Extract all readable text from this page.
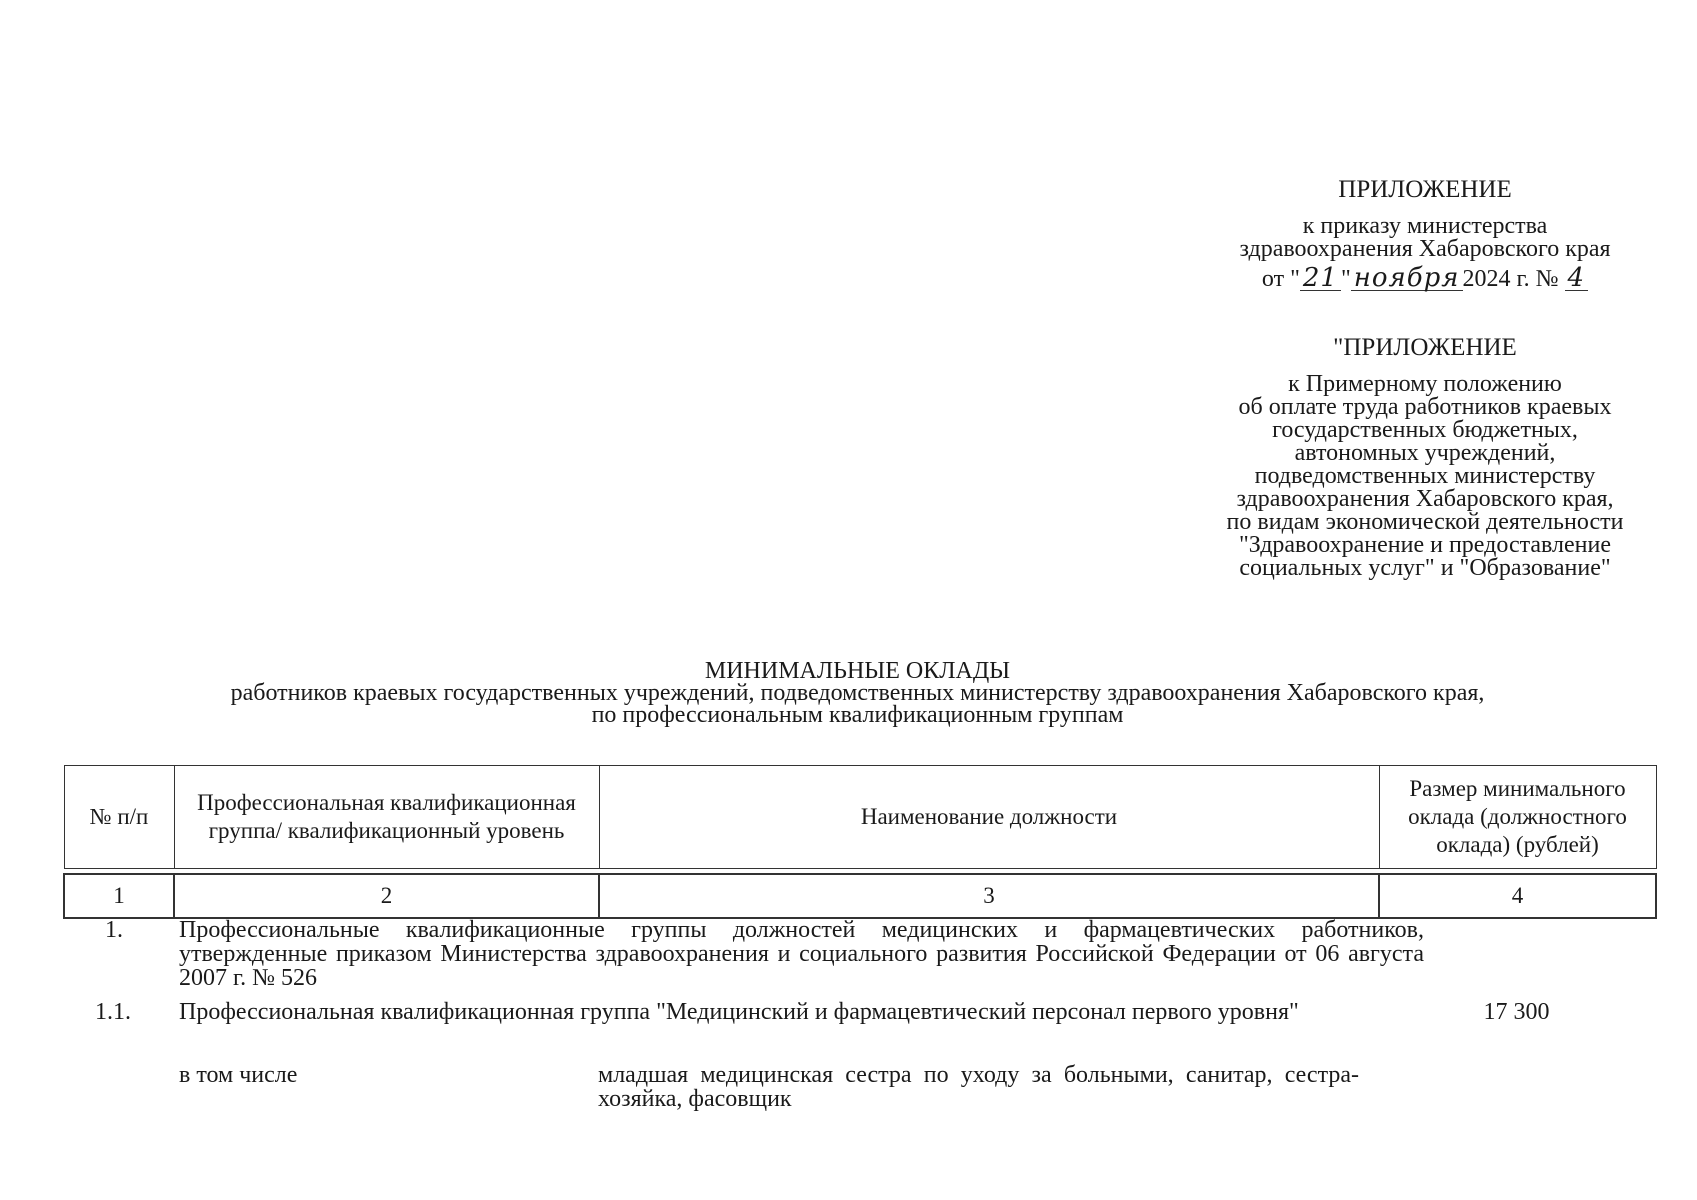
ПРИЛОЖЕНИЕ
к приказу министерства
здравоохранения Хабаровского края
от " 21 " ноября 2024 г. № 4
"ПРИЛОЖЕНИЕ
к Примерному положению
об оплате труда работников краевых
государственных бюджетных,
автономных учреждений,
подведомственных министерству
здравоохранения Хабаровского края,
по видам экономической деятельности
"Здравоохранение и предоставление
социальных услуг" и "Образование"
МИНИМАЛЬНЫЕ ОКЛАДЫ
работников краевых государственных учреждений, подведомственных министерству здравоохранения Хабаровского края,
по профессиональным квалификационным группам
№ п/п	Профессиональная квалификационная группа/ квалификационный уровень	Наименование должности	Размер минимального оклада (должностного оклада) (рублей)

1	2	3	4
1.	Профессиональные квалификационные группы должностей медицинских и фармацевтических работников, утвержденные приказом Министерства здравоохранения и социального развития Российской Федерации от 06 августа 2007 г. № 526
1.1.	Профессиональная квалификационная группа "Медицинский и фармацевтический персонал первого уровня"	17 300
в том числе	младшая медицинская сестра по уходу за больными, санитар, сестра-хозяйка, фасовщик
